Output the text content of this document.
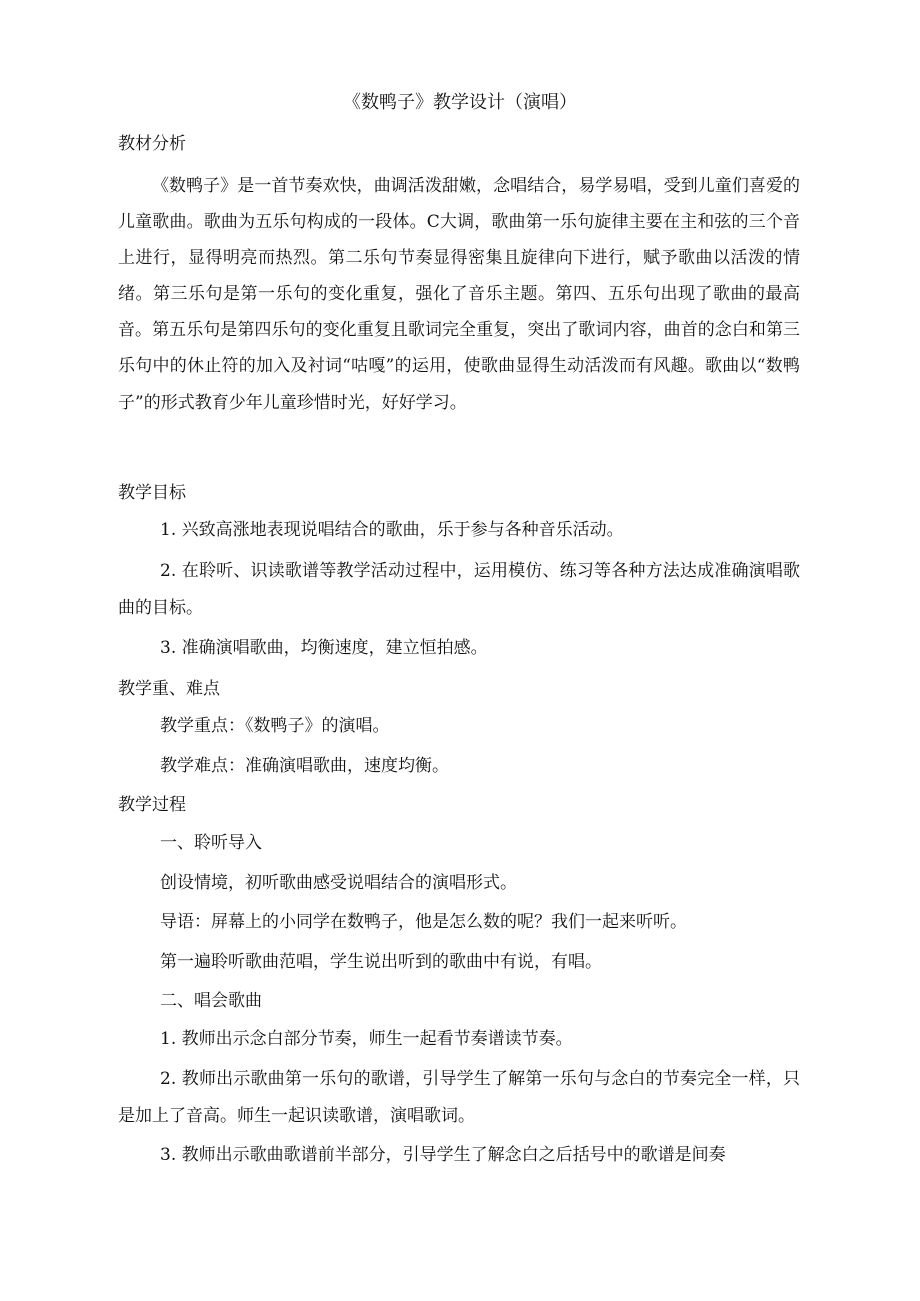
《数鸭子》教学设计（演唱）
教材分析
《数鸭子》是一首节奏欢快，曲调活泼甜嫩，念唱结合，易学易唱，受到儿童们喜爱的儿童歌曲。歌曲为五乐句构成的一段体。C大调，歌曲第一乐句旋律主要在主和弦的三个音上进行，显得明亮而热烈。第二乐句节奏显得密集且旋律向下进行，赋予歌曲以活泼的情绪。第三乐句是第一乐句的变化重复，强化了音乐主题。第四、五乐句出现了歌曲的最高音。第五乐句是第四乐句的变化重复且歌词完全重复，突出了歌词内容，曲首的念白和第三乐句中的休止符的加入及衬词“咕嘎”的运用，使歌曲显得生动活泼而有风趣。歌曲以“数鸭子”的形式教育少年儿童珍惜时光，好好学习。
教学目标
1. 兴致高涨地表现说唱结合的歌曲，乐于参与各种音乐活动。
2. 在聆听、识读歌谱等教学活动过程中，运用模仿、练习等各种方法达成准确演唱歌曲的目标。
3. 准确演唱歌曲，均衡速度，建立恒拍感。
教学重、难点
教学重点：《数鸭子》的演唱。
教学难点：准确演唱歌曲，速度均衡。
教学过程
一、聆听导入
创设情境，初听歌曲感受说唱结合的演唱形式。
导语：屏幕上的小同学在数鸭子，他是怎么数的呢？我们一起来听听。
第一遍聆听歌曲范唱，学生说出听到的歌曲中有说，有唱。
二、唱会歌曲
1. 教师出示念白部分节奏，师生一起看节奏谱读节奏。
2. 教师出示歌曲第一乐句的歌谱，引导学生了解第一乐句与念白的节奏完全一样，只是加上了音高。师生一起识读歌谱，演唱歌词。
3. 教师出示歌曲歌谱前半部分，引导学生了解念白之后括号中的歌谱是间奏
